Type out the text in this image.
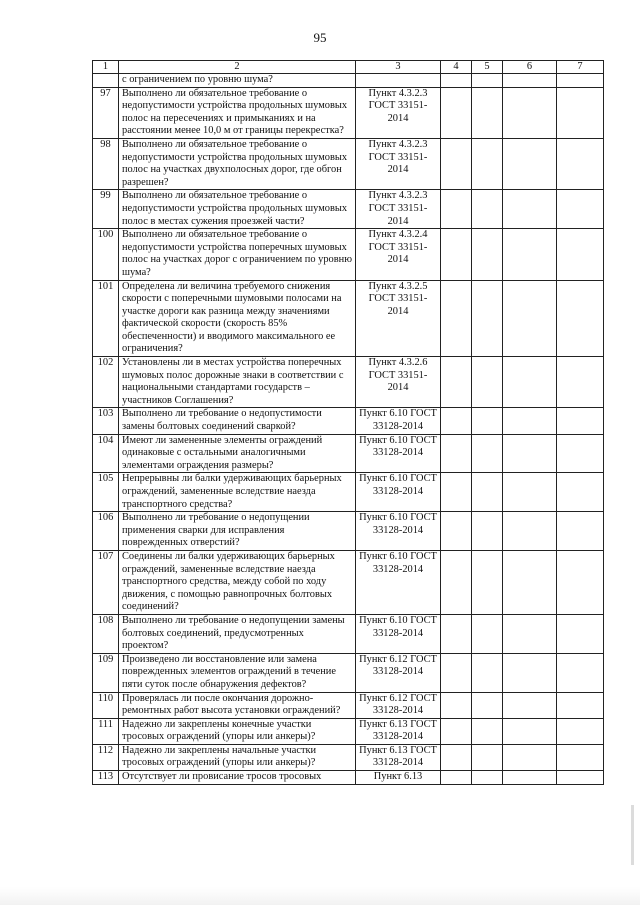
95
1	2	3	4	5	6	7
	с ограничением по уровню шума?					
97	Выполнено ли обязательное требование о недопустимости устройства продольных шумовых полос на пересечениях и примыканиях и на расстоянии менее 10,0 м от границы перекрестка?	Пункт 4.3.2.3 ГОСТ 33151-2014				
98	Выполнено ли обязательное требование о недопустимости устройства продольных шумовых полос на участках двухполосных дорог, где обгон разрешен?	Пункт 4.3.2.3 ГОСТ 33151-2014				
99	Выполнено ли обязательное требование о недопустимости устройства продольных шумовых полос в местах сужения проезжей части?	Пункт 4.3.2.3 ГОСТ 33151-2014				
100	Выполнено ли обязательное требование о недопустимости устройства поперечных шумовых полос на участках дорог с ограничением по уровню шума?	Пункт 4.3.2.4 ГОСТ 33151-2014				
101	Определена ли величина требуемого снижения скорости с поперечными шумовыми полосами на участке дороги как разница между значениями фактической скорости (скорость 85% обеспеченности) и вводимого максимального ее ограничения?	Пункт 4.3.2.5 ГОСТ 33151-2014				
102	Установлены ли в местах устройства поперечных шумовых полос дорожные знаки в соответствии с национальными стандартами государств – участников Соглашения?	Пункт 4.3.2.6 ГОСТ 33151-2014				
103	Выполнено ли требование о недопустимости замены болтовых соединений сваркой?	Пункт 6.10 ГОСТ 33128-2014				
104	Имеют ли замененные элементы ограждений одинаковые с остальными аналогичными элементами ограждения размеры?	Пункт 6.10 ГОСТ 33128-2014				
105	Непрерывны ли балки удерживающих барьерных ограждений, замененные вследствие наезда транспортного средства?	Пункт 6.10 ГОСТ 33128-2014				
106	Выполнено ли требование о недопущении применения сварки для исправления поврежденных отверстий?	Пункт 6.10 ГОСТ 33128-2014				
107	Соединены ли балки удерживающих барьерных ограждений, замененные вследствие наезда транспортного средства, между собой по ходу движения, с помощью равнопрочных болтовых соединений?	Пункт 6.10 ГОСТ 33128-2014				
108	Выполнено ли требование о недопущении замены болтовых соединений, предусмотренных проектом?	Пункт 6.10 ГОСТ 33128-2014				
109	Произведено ли восстановление или замена поврежденных элементов ограждений в течение пяти суток после обнаружения дефектов?	Пункт 6.12 ГОСТ 33128-2014				
110	Проверялась ли после окончания дорожно-ремонтных работ высота установки ограждений?	Пункт 6.12 ГОСТ 33128-2014				
111	Надежно ли закреплены конечные участки тросовых ограждений (упоры или анкеры)?	Пункт 6.13 ГОСТ 33128-2014				
112	Надежно ли закреплены начальные участки тросовых ограждений (упоры или анкеры)?	Пункт 6.13 ГОСТ 33128-2014				
113	Отсутствует ли провисание тросов тросовых	Пункт 6.13				
